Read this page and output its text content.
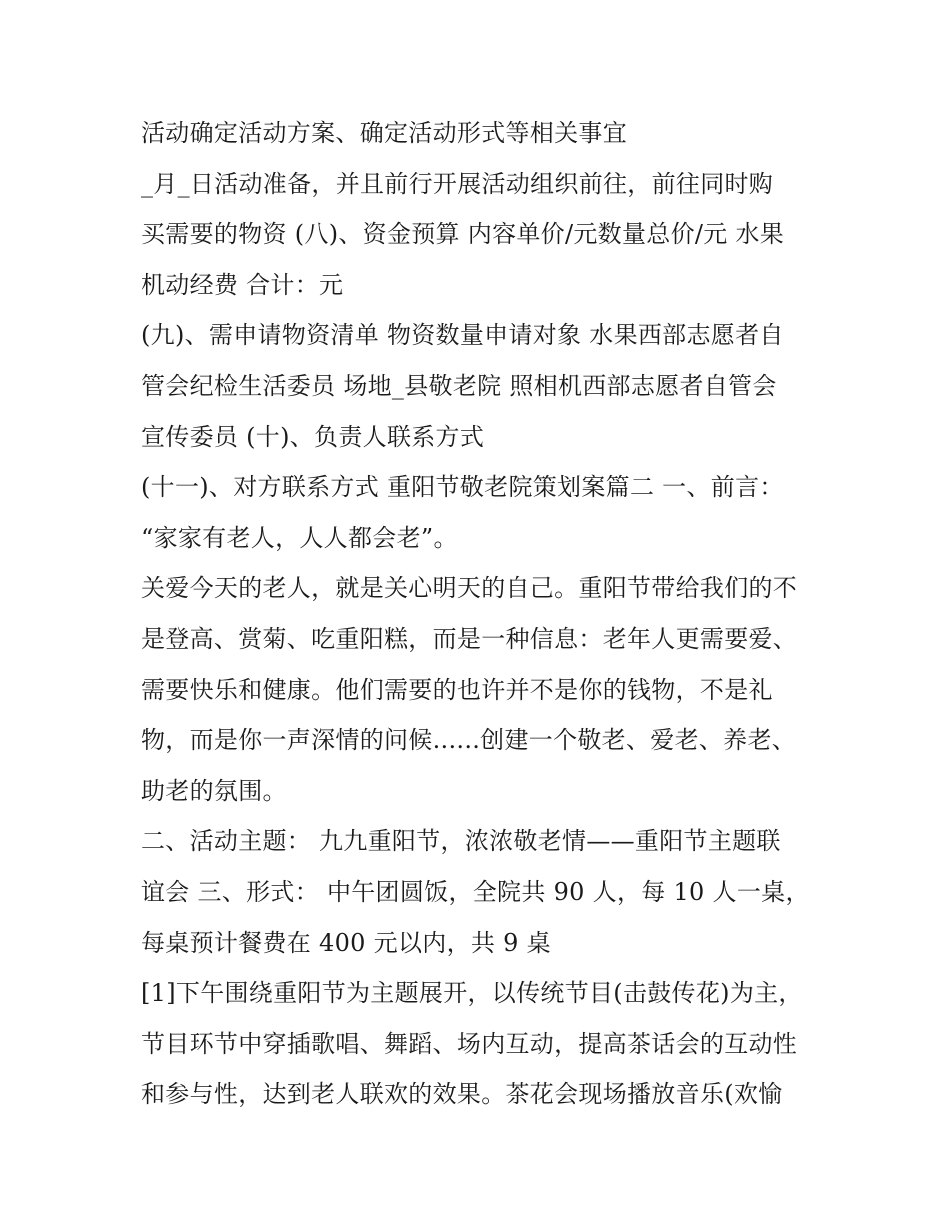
活动确定活动方案、确定活动形式等相关事宜
_月_日活动准备，并且前行开展活动组织前往，前往同时购
买需要的物资 (八)、资金预算 内容单价/元数量总价/元 水果
机动经费 合计：元
(九)、需申请物资清单 物资数量申请对象 水果西部志愿者自
管会纪检生活委员 场地_县敬老院 照相机西部志愿者自管会
宣传委员 (十)、负责人联系方式
(十一)、对方联系方式 重阳节敬老院策划案篇二 一、前言：
“家家有老人，人人都会老”。
关爱今天的老人，就是关心明天的自己。重阳节带给我们的不
是登高、赏菊、吃重阳糕，而是一种信息：老年人更需要爱、
需要快乐和健康。他们需要的也许并不是你的钱物，不是礼
物，而是你一声深情的问候......创建一个敬老、爱老、养老、
助老的氛围。
二、活动主题： 九九重阳节，浓浓敬老情——重阳节主题联
谊会 三、形式： 中午团圆饭，全院共 90 人，每 10 人一桌，
每桌预计餐费在 400 元以内，共 9 桌
[1]下午围绕重阳节为主题展开，以传统节目(击鼓传花)为主，
节目环节中穿插歌唱、舞蹈、场内互动，提高茶话会的互动性
和参与性，达到老人联欢的效果。茶花会现场播放音乐(欢愉
